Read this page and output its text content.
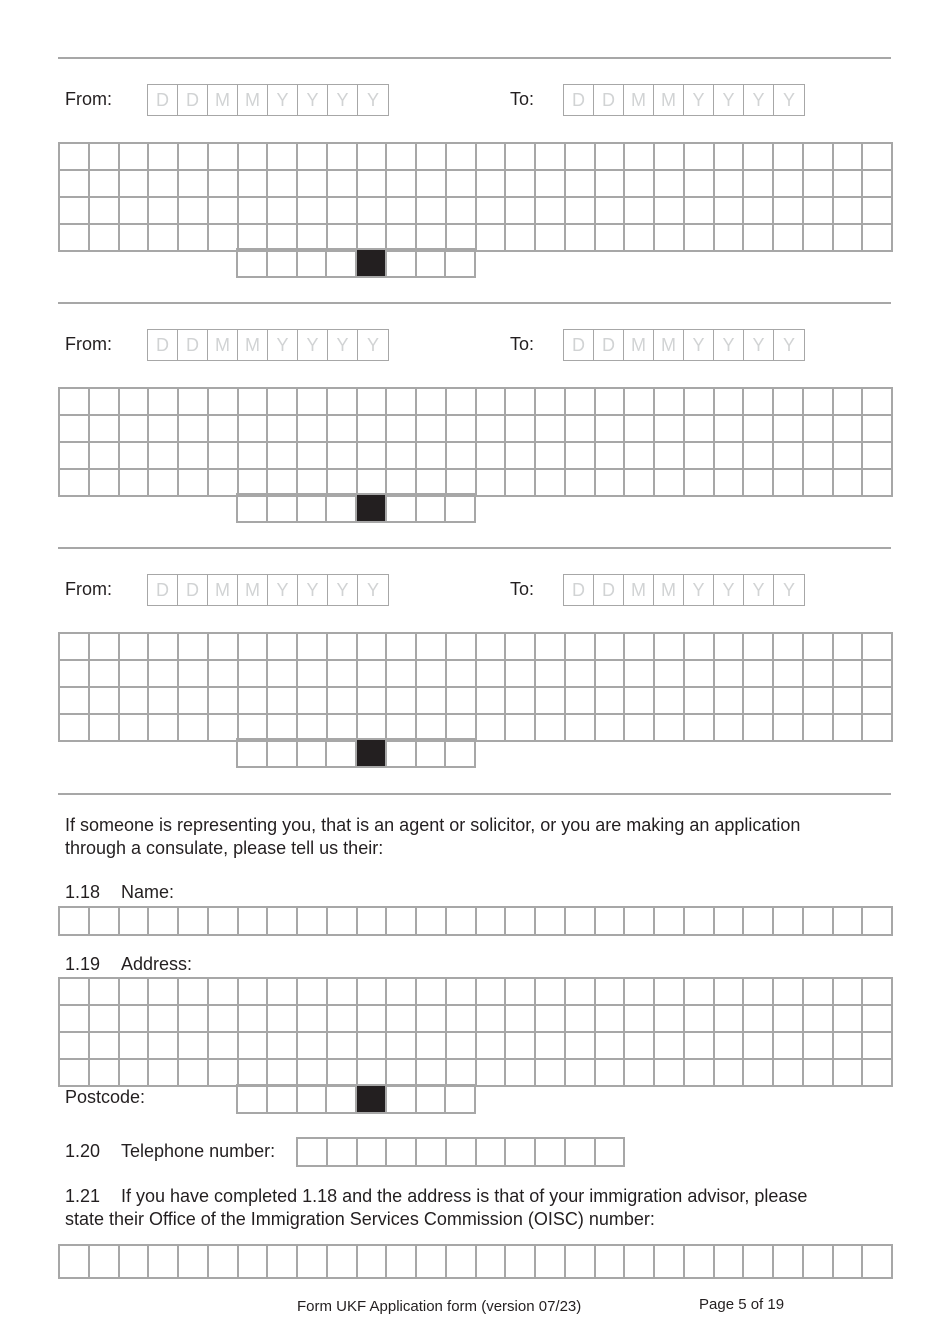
From:	D D M M Y Y Y	Y	To:	D D M M Y Y Y	Y

From:	D D M M Y Y Y	Y	To:	D D M M Y Y Y	Y

From:	D D M M Y Y Y	Y	To:	D D M M Y Y Y	Y

If someone is representing you, that is an agent or solicitor, or you are making an application
through a consulate, please tell us their:
1.18 Name:

1.19 Address:

Postcode:

1.20 Telephone number:

1.21 If you have completed 1.18 and the address is that of your immigration advisor, please
state their Office of the Immigration Services Commission (OISC) number:

Form UKF Application form (version 07/23)	Page 5 of 19
